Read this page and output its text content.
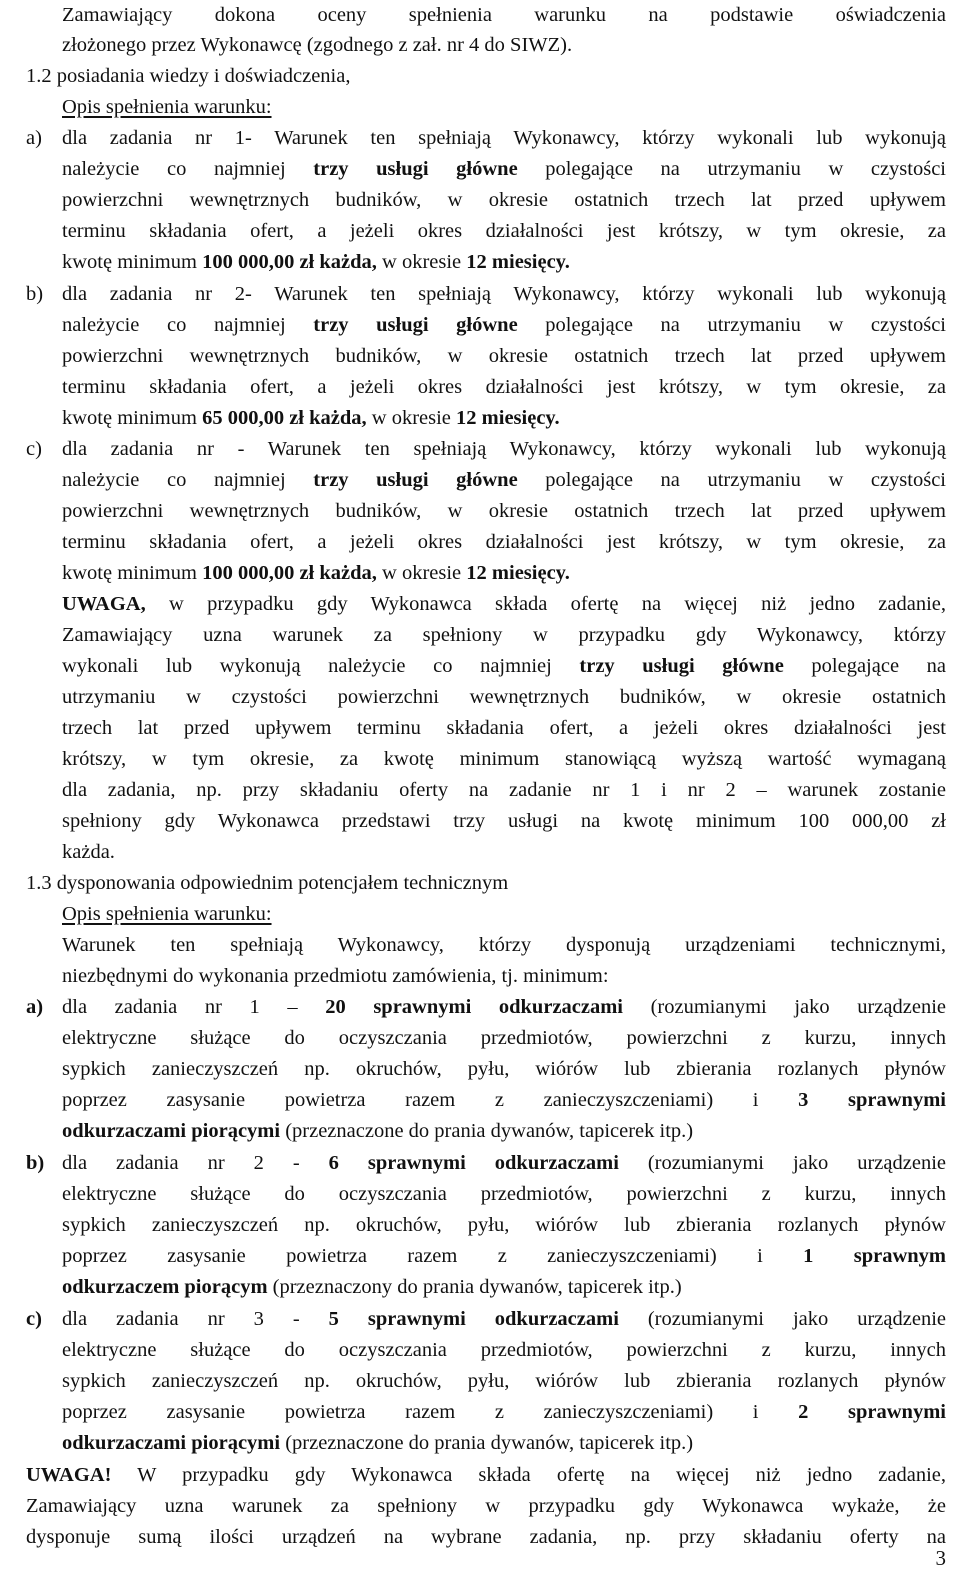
Zamawiający dokona oceny spełnienia warunku na podstawie oświadczenia
złożonego przez Wykonawcę (zgodnego z zał. nr 4 do SIWZ).
1.2 posiadania wiedzy i doświadczenia,
Opis spełnienia warunku:
a) dla zadania nr 1- Warunek ten spełniają Wykonawcy, którzy wykonali lub wykonują
należycie co najmniej trzy usługi główne polegające na utrzymaniu w czystości
powierzchni wewnętrznych budników, w okresie ostatnich trzech lat przed upływem
terminu składania ofert, a jeżeli okres działalności jest krótszy, w tym okresie, za
kwotę minimum 100 000,00 zł każda, w okresie 12 miesięcy.
b) dla zadania nr 2- Warunek ten spełniają Wykonawcy, którzy wykonali lub wykonują
należycie co najmniej trzy usługi główne polegające na utrzymaniu w czystości
powierzchni wewnętrznych budników, w okresie ostatnich trzech lat przed upływem
terminu składania ofert, a jeżeli okres działalności jest krótszy, w tym okresie, za
kwotę minimum 65 000,00 zł każda, w okresie 12 miesięcy.
c) dla zadania nr - Warunek ten spełniają Wykonawcy, którzy wykonali lub wykonują
należycie co najmniej trzy usługi główne polegające na utrzymaniu w czystości
powierzchni wewnętrznych budników, w okresie ostatnich trzech lat przed upływem
terminu składania ofert, a jeżeli okres działalności jest krótszy, w tym okresie, za
kwotę minimum 100 000,00 zł każda, w okresie 12 miesięcy.
UWAGA, w przypadku gdy Wykonawca składa ofertę na więcej niż jedno zadanie,
Zamawiający uzna warunek za spełniony w przypadku gdy Wykonawcy, którzy
wykonali lub wykonują należycie co najmniej trzy usługi główne polegające na
utrzymaniu w czystości powierzchni wewnętrznych budników, w okresie ostatnich
trzech lat przed upływem terminu składania ofert, a jeżeli okres działalności jest
krótszy, w tym okresie, za kwotę minimum stanowiącą wyższą wartość wymaganą
dla zadania, np. przy składaniu oferty na zadanie nr 1 i nr 2 – warunek zostanie
spełniony gdy Wykonawca przedstawi trzy usługi na kwotę minimum 100 000,00 zł
każda.
1.3 dysponowania odpowiednim potencjałem technicznym
Opis spełnienia warunku:
Warunek ten spełniają Wykonawcy, którzy dysponują urządzeniami technicznymi,
niezbędnymi do wykonania przedmiotu zamówienia, tj. minimum:
a) dla zadania nr 1 – 20 sprawnymi odkurzaczami (rozumianymi jako urządzenie
elektryczne służące do oczyszczania przedmiotów, powierzchni z kurzu, innych
sypkich zanieczyszczeń np. okruchów, pyłu, wiórów lub zbierania rozlanych płynów
poprzez zasysanie powietrza razem z zanieczyszczeniami) i 3 sprawnymi
odkurzaczami piorącymi (przeznaczone do prania dywanów, tapicerek itp.)
b) dla zadania nr 2 - 6 sprawnymi odkurzaczami (rozumianymi jako urządzenie
elektryczne służące do oczyszczania przedmiotów, powierzchni z kurzu, innych
sypkich zanieczyszczeń np. okruchów, pyłu, wiórów lub zbierania rozlanych płynów
poprzez zasysanie powietrza razem z zanieczyszczeniami) i 1 sprawnym
odkurzaczem piorącym (przeznaczony do prania dywanów, tapicerek itp.)
c) dla zadania nr 3 - 5 sprawnymi odkurzaczami (rozumianymi jako urządzenie
elektryczne służące do oczyszczania przedmiotów, powierzchni z kurzu, innych
sypkich zanieczyszczeń np. okruchów, pyłu, wiórów lub zbierania rozlanych płynów
poprzez zasysanie powietrza razem z zanieczyszczeniami) i 2 sprawnymi
odkurzaczami piorącymi (przeznaczone do prania dywanów, tapicerek itp.)
UWAGA! W przypadku gdy Wykonawca składa ofertę na więcej niż jedno zadanie,
Zamawiający uzna warunek za spełniony w przypadku gdy Wykonawca wykaże, że
dysponuje sumą ilości urządzeń na wybrane zadania, np. przy składaniu oferty na
3
